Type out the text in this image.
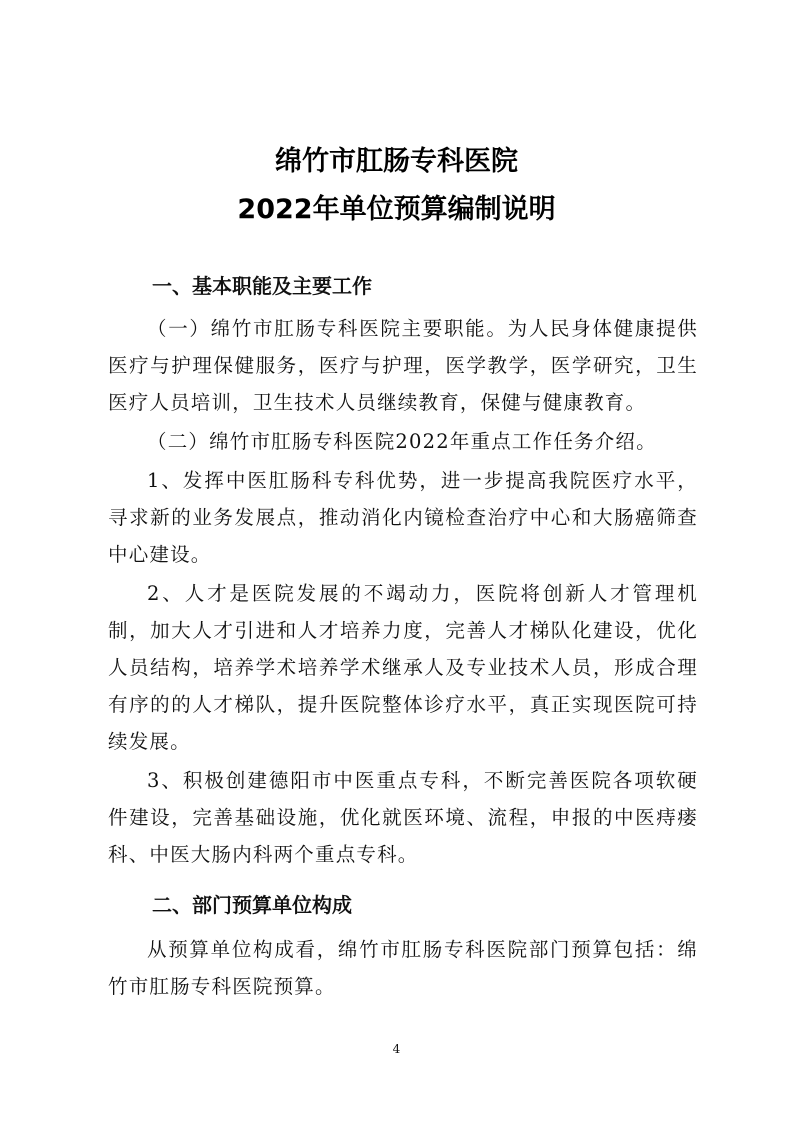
绵竹市肛肠专科医院
2022年单位预算编制说明

一、基本职能及主要工作

（一）绵竹市肛肠专科医院主要职能。为人民身体健康提供医疗与护理保健服务，医疗与护理，医学教学，医学研究，卫生医疗人员培训，卫生技术人员继续教育，保健与健康教育。

（二）绵竹市肛肠专科医院2022年重点工作任务介绍。

1、发挥中医肛肠科专科优势，进一步提高我院医疗水平，寻求新的业务发展点，推动消化内镜检查治疗中心和大肠癌筛查中心建设。

2、人才是医院发展的不竭动力，医院将创新人才管理机制，加大人才引进和人才培养力度，完善人才梯队化建设，优化人员结构，培养学术培养学术继承人及专业技术人员，形成合理有序的的人才梯队，提升医院整体诊疗水平，真正实现医院可持续发展。

3、积极创建德阳市中医重点专科，不断完善医院各项软硬件建设，完善基础设施，优化就医环境、流程，申报的中医痔瘘科、中医大肠内科两个重点专科。

二、部门预算单位构成

从预算单位构成看，绵竹市肛肠专科医院部门预算包括：绵竹市肛肠专科医院预算。

4
